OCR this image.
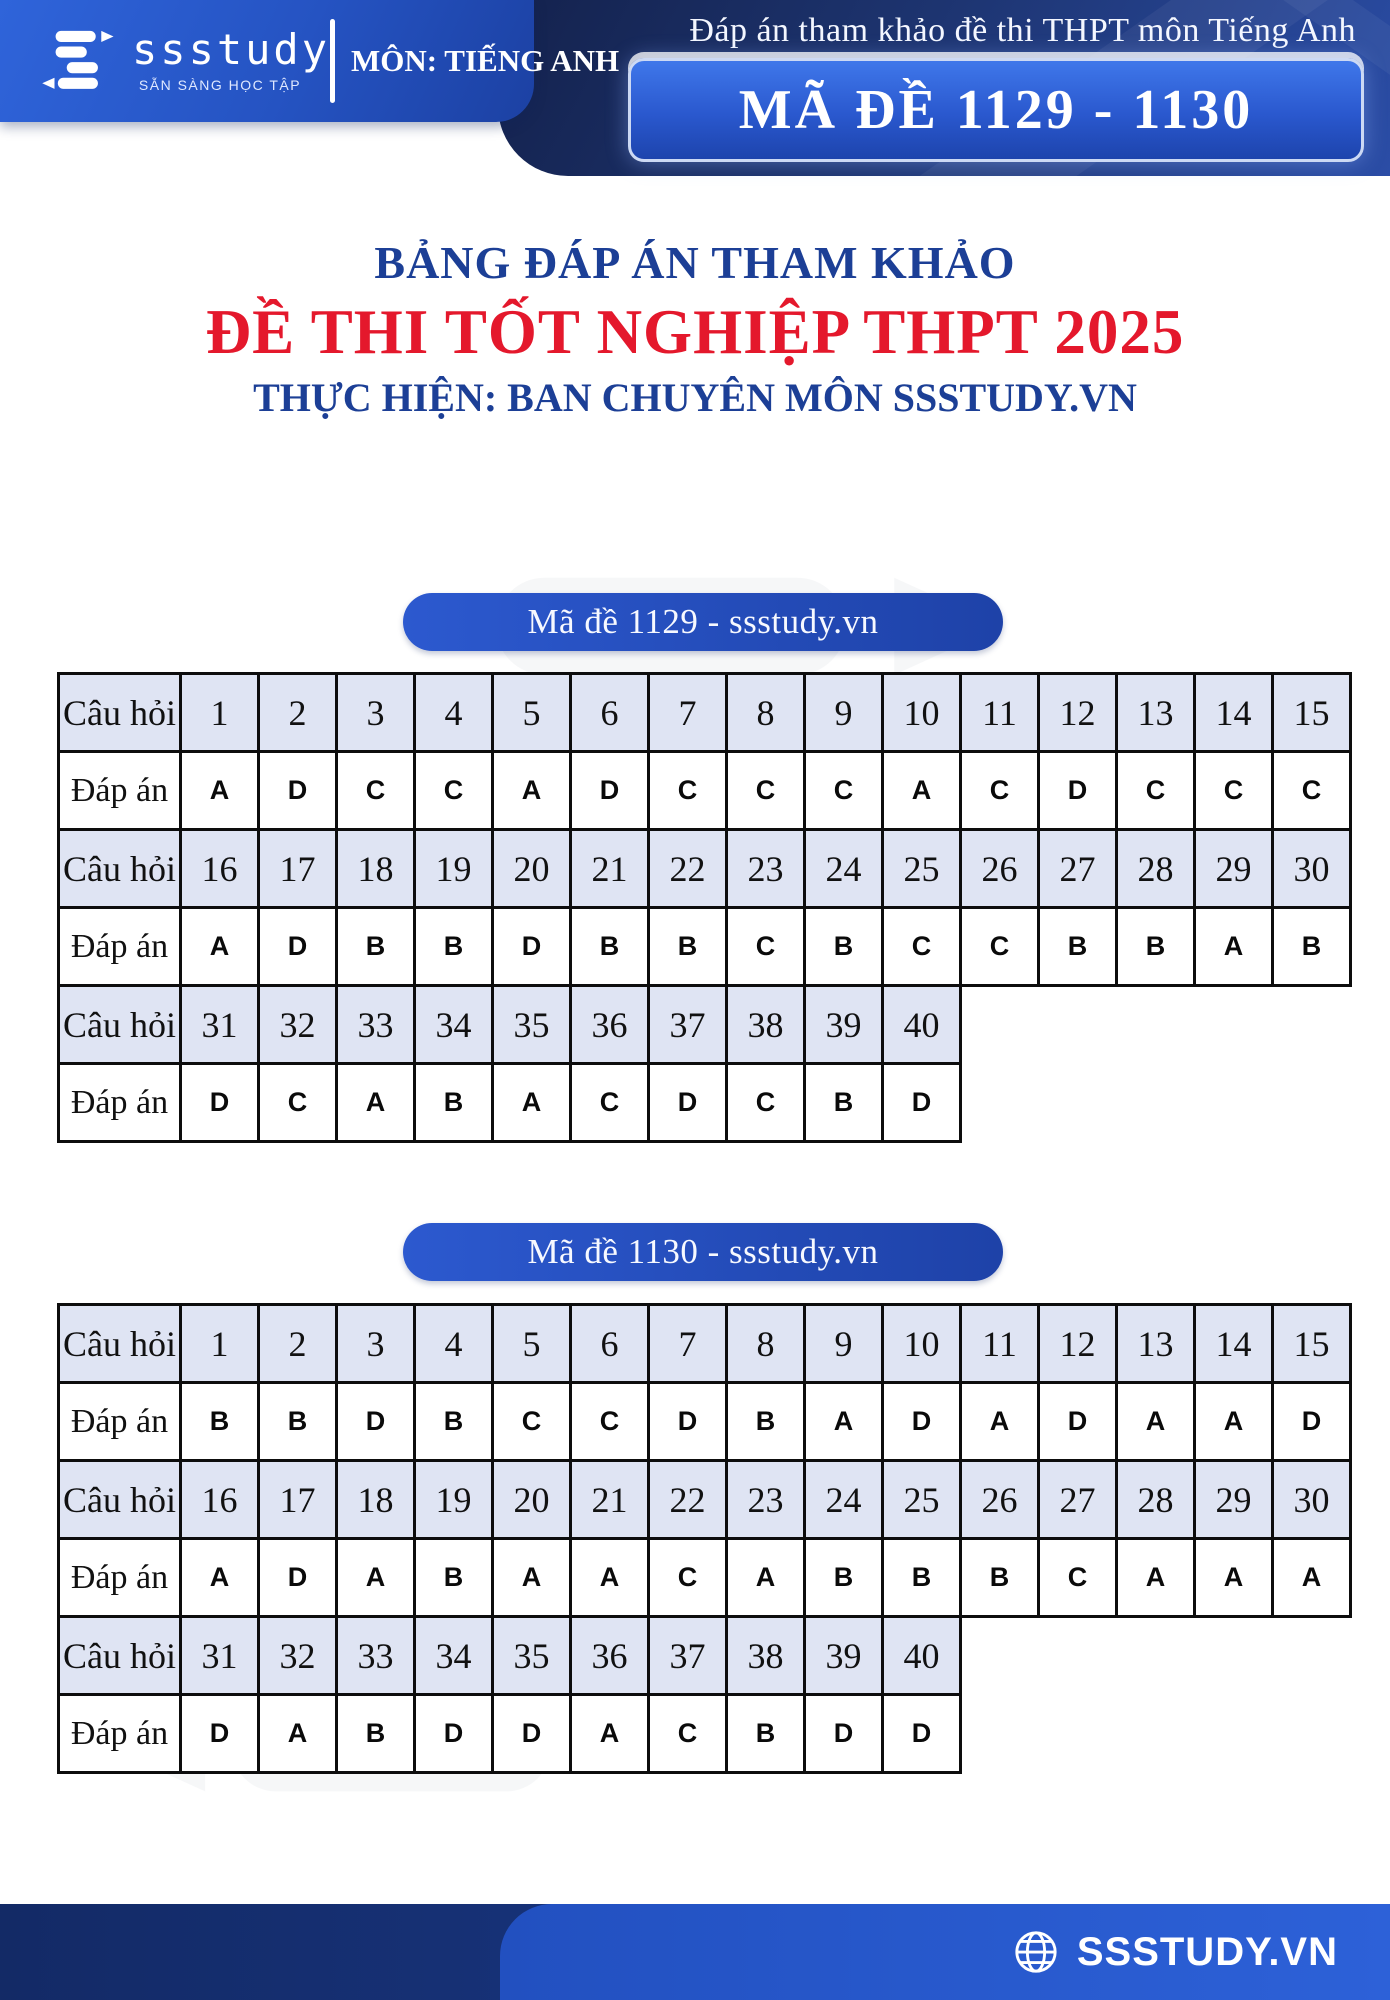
Đáp án tham khảo đề thi THPT môn Tiếng Anh
MÃ ĐỀ 1129 - 1130
ssstudy
SẴN SÀNG HỌC TẬP
MÔN: TIẾNG ANH
BẢNG ĐÁP ÁN THAM KHẢO
ĐỀ THI TỐT NGHIỆP THPT 2025
THỰC HIỆN: BAN CHUYÊN MÔN SSSTUDY.VN
Mã đề 1129 - ssstudy.vn
Mã đề 1130 - ssstudy.vn
Câu hỏi	1	2	3	4	5	6	7	8	9	10	11	12	13	14	15
Đáp án	A	D	C	C	A	D	C	C	C	A	C	D	C	C	C
Câu hỏi	16	17	18	19	20	21	22	23	24	25	26	27	28	29	30
Đáp án	A	D	B	B	D	B	B	C	B	C	C	B	B	A	B
Câu hỏi	31	32	33	34	35	36	37	38	39	40					
Đáp án	D	C	A	B	A	C	D	C	B	D					
Câu hỏi	1	2	3	4	5	6	7	8	9	10	11	12	13	14	15
Đáp án	B	B	D	B	C	C	D	B	A	D	A	D	A	A	D
Câu hỏi	16	17	18	19	20	21	22	23	24	25	26	27	28	29	30
Đáp án	A	D	A	B	A	A	C	A	B	B	B	C	A	A	A
Câu hỏi	31	32	33	34	35	36	37	38	39	40					
Đáp án	D	A	B	D	D	A	C	B	D	D					
SSSTUDY.VN
